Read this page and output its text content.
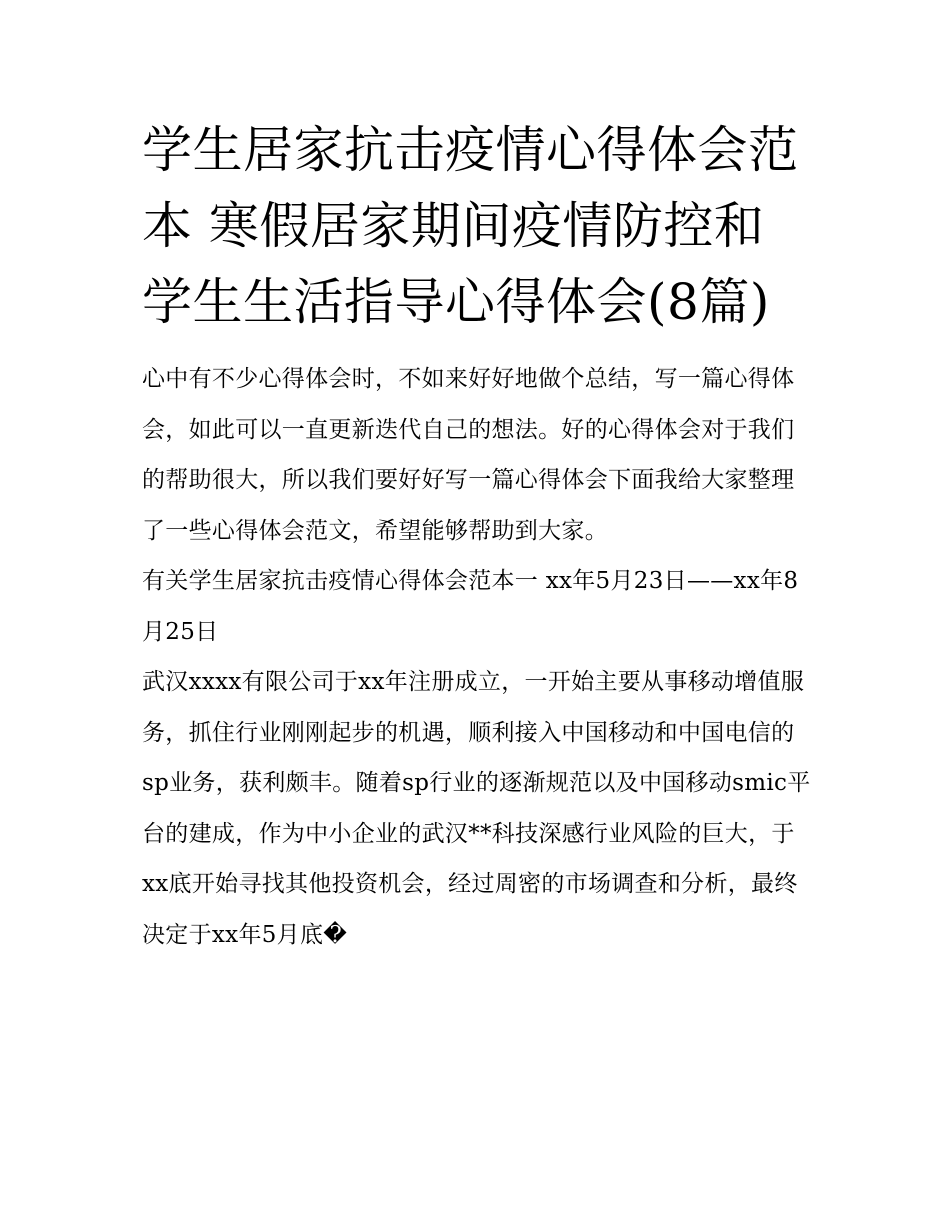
学生居家抗击疫情心得体会范本 寒假居家期间疫情防控和学生生活指导心得体会(8篇)

心中有不少心得体会时，不如来好好地做个总结，写一篇心得体会，如此可以一直更新迭代自己的想法。好的心得体会对于我们的帮助很大，所以我们要好好写一篇心得体会下面我给大家整理了一些心得体会范文，希望能够帮助到大家。

有关学生居家抗击疫情心得体会范本一 xx年5月23日——xx年8月25日

武汉xxxx有限公司于xx年注册成立，一开始主要从事移动增值服务，抓住行业刚刚起步的机遇，顺利接入中国移动和中国电信的sp业务，获利颇丰。随着sp行业的逐渐规范以及中国移动smic平台的建成，作为中小企业的武汉**科技深感行业风险的巨大，于xx底开始寻找其他投资机会，经过周密的市场调查和分析，最终决定于xx年5月底�
